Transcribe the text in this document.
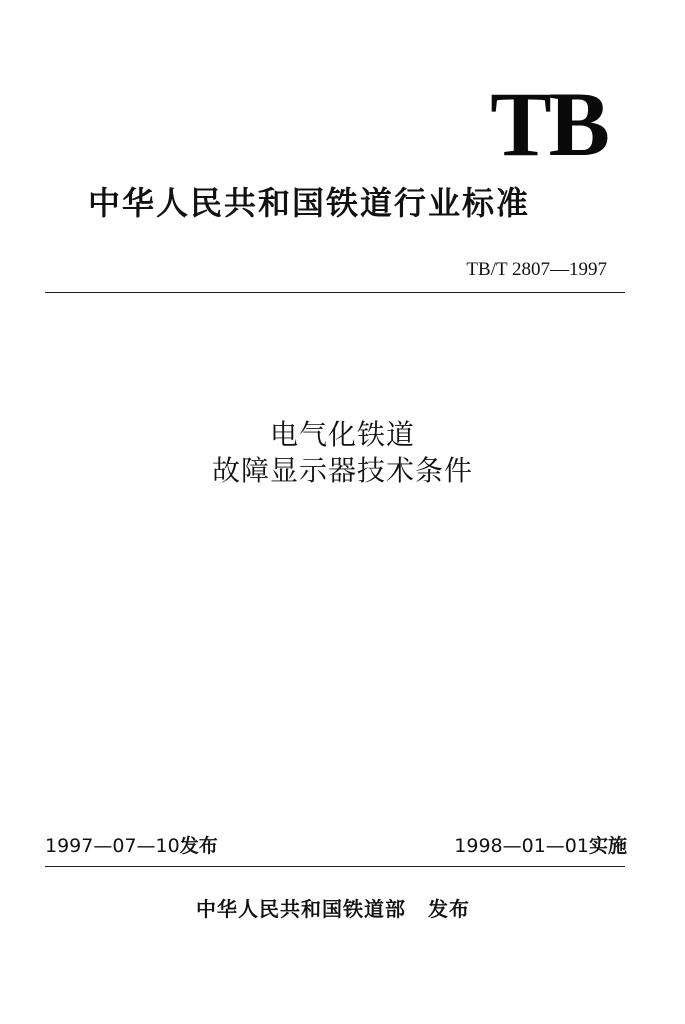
TB
中华人民共和国铁道行业标准
TB/T 2807—1997
电气化铁道
故障显示器技术条件
1997—07—10发布	1998—01—01实施
中华人民共和国铁道部 发布
